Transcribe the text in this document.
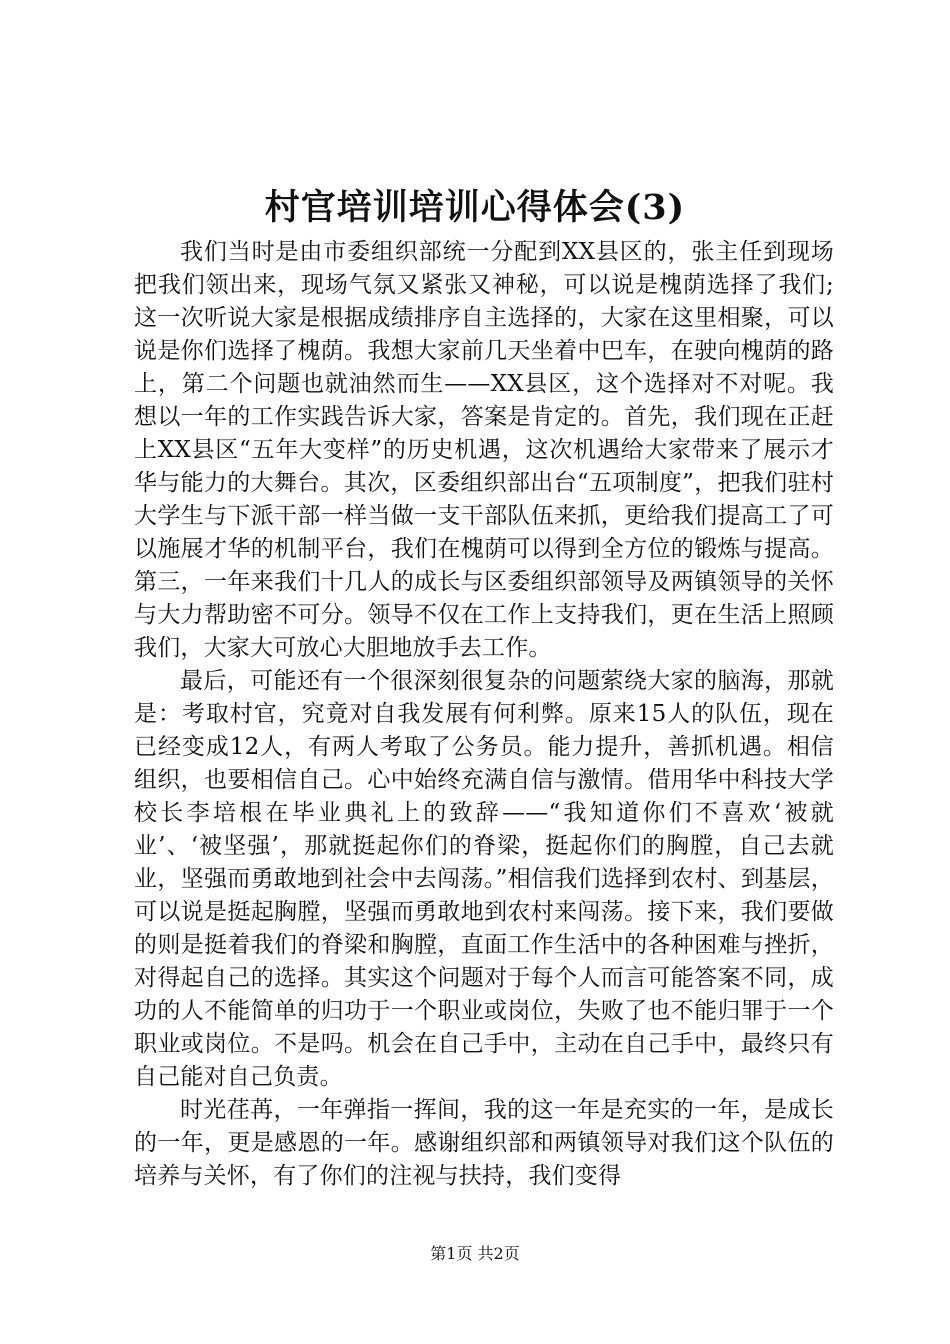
村官培训培训心得体会(3)

我们当时是由市委组织部统一分配到XX县区的，张主任到现场把我们领出来，现场气氛又紧张又神秘，可以说是槐荫选择了我们;这一次听说大家是根据成绩排序自主选择的，大家在这里相聚，可以说是你们选择了槐荫。我想大家前几天坐着中巴车，在驶向槐荫的路上，第二个问题也就油然而生——XX县区，这个选择对不对呢。我想以一年的工作实践告诉大家，答案是肯定的。首先，我们现在正赶上XX县区“五年大变样”的历史机遇，这次机遇给大家带来了展示才华与能力的大舞台。其次，区委组织部出台“五项制度”，把我们驻村大学生与下派干部一样当做一支干部队伍来抓，更给我们提高工了可以施展才华的机制平台，我们在槐荫可以得到全方位的锻炼与提高。第三，一年来我们十几人的成长与区委组织部领导及两镇领导的关怀与大力帮助密不可分。领导不仅在工作上支持我们，更在生活上照顾我们，大家大可放心大胆地放手去工作。

最后，可能还有一个很深刻很复杂的问题萦绕大家的脑海，那就是：考取村官，究竟对自我发展有何利弊。原来15人的队伍，现在已经变成12人，有两人考取了公务员。能力提升，善抓机遇。相信组织，也要相信自己。心中始终充满自信与激情。借用华中科技大学校长李培根在毕业典礼上的致辞——“我知道你们不喜欢‘被就业’、‘被坚强’，那就挺起你们的脊梁，挺起你们的胸膛，自己去就业，坚强而勇敢地到社会中去闯荡。”相信我们选择到农村、到基层，可以说是挺起胸膛，坚强而勇敢地到农村来闯荡。接下来，我们要做的则是挺着我们的脊梁和胸膛，直面工作生活中的各种困难与挫折，对得起自己的选择。其实这个问题对于每个人而言可能答案不同，成功的人不能简单的归功于一个职业或岗位，失败了也不能归罪于一个职业或岗位。不是吗。机会在自己手中，主动在自己手中，最终只有自己能对自己负责。

时光荏苒，一年弹指一挥间，我的这一年是充实的一年，是成长的一年，更是感恩的一年。感谢组织部和两镇领导对我们这个队伍的培养与关怀，有了你们的注视与扶持，我们变得

第1页 共2页
